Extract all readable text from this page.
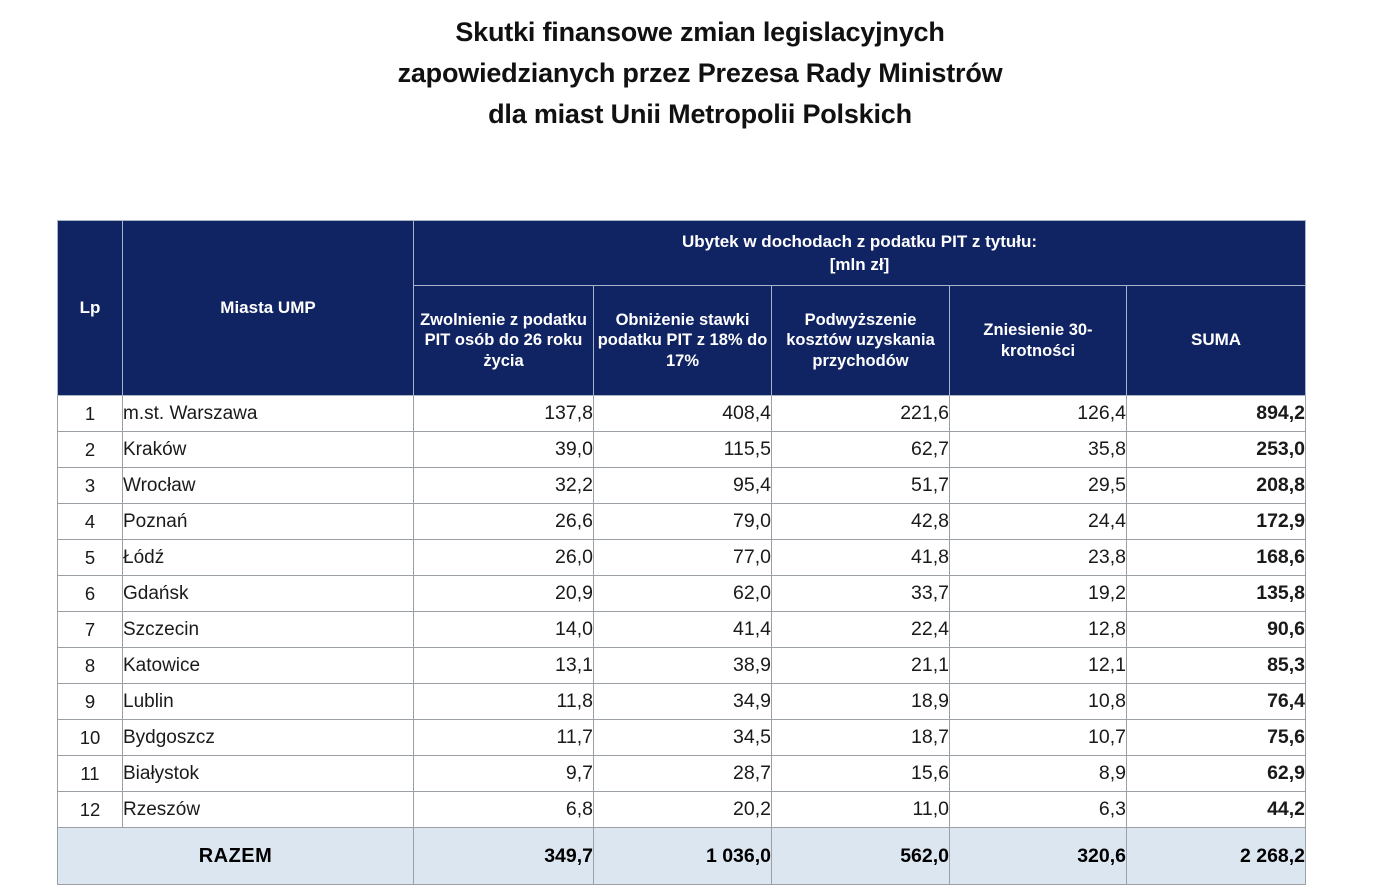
Skutki finansowe zmian legislacyjnych
zapowiedzianych przez Prezesa Rady Ministrów
dla miast Unii Metropolii Polskich
Lp	Miasta UMP	Ubytek w dochodach z podatku PIT z tytułu:
[mln zł]				

		Zwolnienie z podatku PIT osób do 26 roku życia	Obniżenie stawki podatku PIT z 18% do 17%	Podwyższenie kosztów uzyskania przychodów	Zniesienie 30-krotności	SUMA
1	m.st. Warszawa	137,8	408,4	221,6	126,4	894,2
2	Kraków	39,0	115,5	62,7	35,8	253,0
3	Wrocław	32,2	95,4	51,7	29,5	208,8
4	Poznań	26,6	79,0	42,8	24,4	172,9
5	Łódź	26,0	77,0	41,8	23,8	168,6
6	Gdańsk	20,9	62,0	33,7	19,2	135,8
7	Szczecin	14,0	41,4	22,4	12,8	90,6
8	Katowice	13,1	38,9	21,1	12,1	85,3
9	Lublin	11,8	34,9	18,9	10,8	76,4
10	Bydgoszcz	11,7	34,5	18,7	10,7	75,6
11	Białystok	9,7	28,7	15,6	8,9	62,9
12	Rzeszów	6,8	20,2	11,0	6,3	44,2
RAZEM		349,7	1 036,0	562,0	320,6	2 268,2
